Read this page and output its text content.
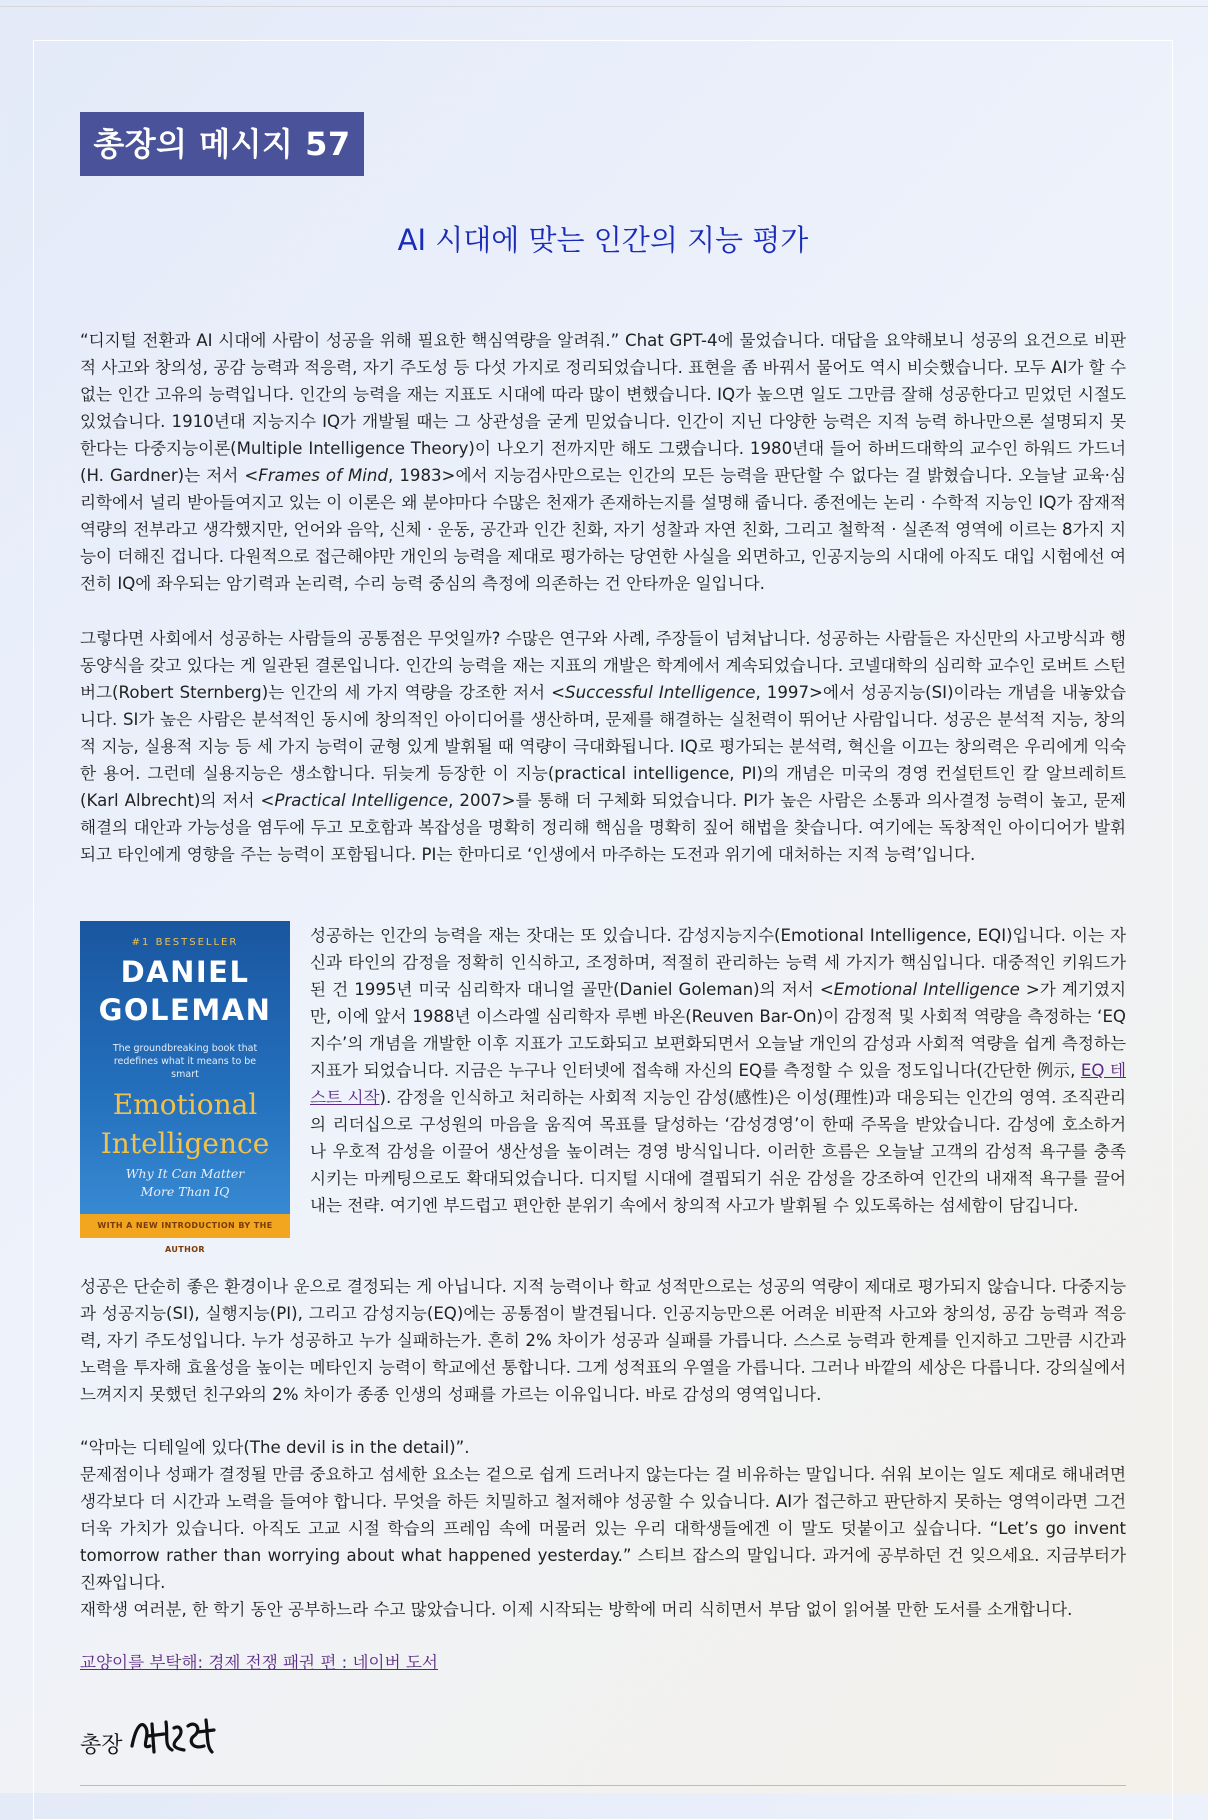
총장의 메시지 57
AI 시대에 맞는 인간의 지능 평가

“디지털 전환과 AI 시대에 사람이 성공을 위해 필요한 핵심역량을 알려줘.” Chat GPT-4에 물었습니다. 대답을 요약해보니 성공의 요건으로 비판적 사고와 창의성, 공감 능력과 적응력, 자기 주도성 등 다섯 가지로 정리되었습니다. 표현을 좀 바꿔서 물어도 역시 비슷했습니다. 모두 AI가 할 수 없는 인간 고유의 능력입니다. 인간의 능력을 재는 지표도 시대에 따라 많이 변했습니다. IQ가 높으면 일도 그만큼 잘해 성공한다고 믿었던 시절도 있었습니다. 1910년대 지능지수 IQ가 개발될 때는 그 상관성을 굳게 믿었습니다. 인간이 지닌 다양한 능력은 지적 능력 하나만으론 설명되지 못한다는 다중지능이론(Multiple Intelligence Theory)이 나오기 전까지만 해도 그랬습니다. 1980년대 들어 하버드대학의 교수인 하워드 가드너(H. Gardner)는 저서 <Frames of Mind, 1983>에서 지능검사만으로는 인간의 모든 능력을 판단할 수 없다는 걸 밝혔습니다. 오늘날 교육·심리학에서 널리 받아들여지고 있는 이 이론은 왜 분야마다 수많은 천재가 존재하는지를 설명해 줍니다. 종전에는 논리 · 수학적 지능인 IQ가 잠재적 역량의 전부라고 생각했지만, 언어와 음악, 신체 · 운동, 공간과 인간 친화, 자기 성찰과 자연 친화, 그리고 철학적 · 실존적 영역에 이르는 8가지 지능이 더해진 겁니다. 다원적으로 접근해야만 개인의 능력을 제대로 평가하는 당연한 사실을 외면하고, 인공지능의 시대에 아직도 대입 시험에선 여전히 IQ에 좌우되는 암기력과 논리력, 수리 능력 중심의 측정에 의존하는 건 안타까운 일입니다.

그렇다면 사회에서 성공하는 사람들의 공통점은 무엇일까? 수많은 연구와 사례, 주장들이 넘쳐납니다. 성공하는 사람들은 자신만의 사고방식과 행동양식을 갖고 있다는 게 일관된 결론입니다. 인간의 능력을 재는 지표의 개발은 학계에서 계속되었습니다. 코넬대학의 심리학 교수인 로버트 스턴버그(Robert Sternberg)는 인간의 세 가지 역량을 강조한 저서 <Successful Intelligence, 1997>에서 성공지능(SI)이라는 개념을 내놓았습니다. SI가 높은 사람은 분석적인 동시에 창의적인 아이디어를 생산하며, 문제를 해결하는 실천력이 뛰어난 사람입니다. 성공은 분석적 지능, 창의적 지능, 실용적 지능 등 세 가지 능력이 균형 있게 발휘될 때 역량이 극대화됩니다. IQ로 평가되는 분석력, 혁신을 이끄는 창의력은 우리에게 익숙한 용어. 그런데 실용지능은 생소합니다. 뒤늦게 등장한 이 지능(practical intelligence, PI)의 개념은 미국의 경영 컨설턴트인 칼 알브레히트(Karl Albrecht)의 저서 <Practical Intelligence, 2007>를 통해 더 구체화 되었습니다. PI가 높은 사람은 소통과 의사결정 능력이 높고, 문제 해결의 대안과 가능성을 염두에 두고 모호함과 복잡성을 명확히 정리해 핵심을 명확히 짚어 해법을 찾습니다. 여기에는 독창적인 아이디어가 발휘되고 타인에게 영향을 주는 능력이 포함됩니다. PI는 한마디로 ‘인생에서 마주하는 도전과 위기에 대처하는 지적 능력’입니다.

#1 BESTSELLER
DANIEL
GOLEMAN
The groundbreaking book that redefines what it means to be smart
Emotional
Intelligence
Why It Can Matter
More Than IQ
WITH A NEW INTRODUCTION BY THE AUTHOR

성공하는 인간의 능력을 재는 잣대는 또 있습니다. 감성지능지수(Emotional Intelligence, EQI)입니다. 이는 자신과 타인의 감정을 정확히 인식하고, 조정하며, 적절히 관리하는 능력 세 가지가 핵심입니다. 대중적인 키워드가 된 건 1995년 미국 심리학자 대니얼 골만(Daniel Goleman)의 저서 <Emotional Intelligence >가 계기였지만, 이에 앞서 1988년 이스라엘 심리학자 루벤 바온(Reuven Bar-On)이 감정적 및 사회적 역량을 측정하는 ‘EQ지수’의 개념을 개발한 이후 지표가 고도화되고 보편화되면서 오늘날 개인의 감성과 사회적 역량을 쉽게 측정하는 지표가 되었습니다. 지금은 누구나 인터넷에 접속해 자신의 EQ를 측정할 수 있을 정도입니다(간단한 例示, EQ 테스트 시작). 감정을 인식하고 처리하는 사회적 지능인 감성(感性)은 이성(理性)과 대응되는 인간의 영역. 조직관리의 리더십으로 구성원의 마음을 움직여 목표를 달성하는 ‘감성경영’이 한때 주목을 받았습니다. 감성에 호소하거나 우호적 감성을 이끌어 생산성을 높이려는 경영 방식입니다. 이러한 흐름은 오늘날 고객의 감성적 욕구를 충족시키는 마케팅으로도 확대되었습니다. 디지털 시대에 결핍되기 쉬운 감성을 강조하여 인간의 내재적 욕구를 끌어내는 전략. 여기엔 부드럽고 편안한 분위기 속에서 창의적 사고가 발휘될 수 있도록하는 섬세함이 담깁니다.

성공은 단순히 좋은 환경이나 운으로 결정되는 게 아닙니다. 지적 능력이나 학교 성적만으로는 성공의 역량이 제대로 평가되지 않습니다. 다중지능과 성공지능(SI), 실행지능(PI), 그리고 감성지능(EQ)에는 공통점이 발견됩니다. 인공지능만으론 어려운 비판적 사고와 창의성, 공감 능력과 적응력, 자기 주도성입니다. 누가 성공하고 누가 실패하는가. 흔히 2% 차이가 성공과 실패를 가릅니다. 스스로 능력과 한계를 인지하고 그만큼 시간과 노력을 투자해 효율성을 높이는 메타인지 능력이 학교에선 통합니다. 그게 성적표의 우열을 가릅니다. 그러나 바깥의 세상은 다릅니다. 강의실에서 느껴지지 못했던 친구와의 2% 차이가 종종 인생의 성패를 가르는 이유입니다. 바로 감성의 영역입니다.

“악마는 디테일에 있다(The devil is in the detail)”.
문제점이나 성패가 결정될 만큼 중요하고 섬세한 요소는 겉으로 쉽게 드러나지 않는다는 걸 비유하는 말입니다. 쉬워 보이는 일도 제대로 해내려면 생각보다 더 시간과 노력을 들여야 합니다. 무엇을 하든 치밀하고 철저해야 성공할 수 있습니다. AI가 접근하고 판단하지 못하는 영역이라면 그건 더욱 가치가 있습니다. 아직도 고교 시절 학습의 프레임 속에 머물러 있는 우리 대학생들에겐 이 말도 덧붙이고 싶습니다. “Let’s go invent tomorrow rather than worrying about what happened yesterday.” 스티브 잡스의 말입니다. 과거에 공부하던 건 잊으세요. 지금부터가 진짜입니다.
재학생 여러분, 한 학기 동안 공부하느라 수고 많았습니다. 이제 시작되는 방학에 머리 식히면서 부담 없이 읽어볼 만한 도서를 소개합니다.
교양이를 부탁해: 경제 전쟁 패권 편 : 네이버 도서
총장
